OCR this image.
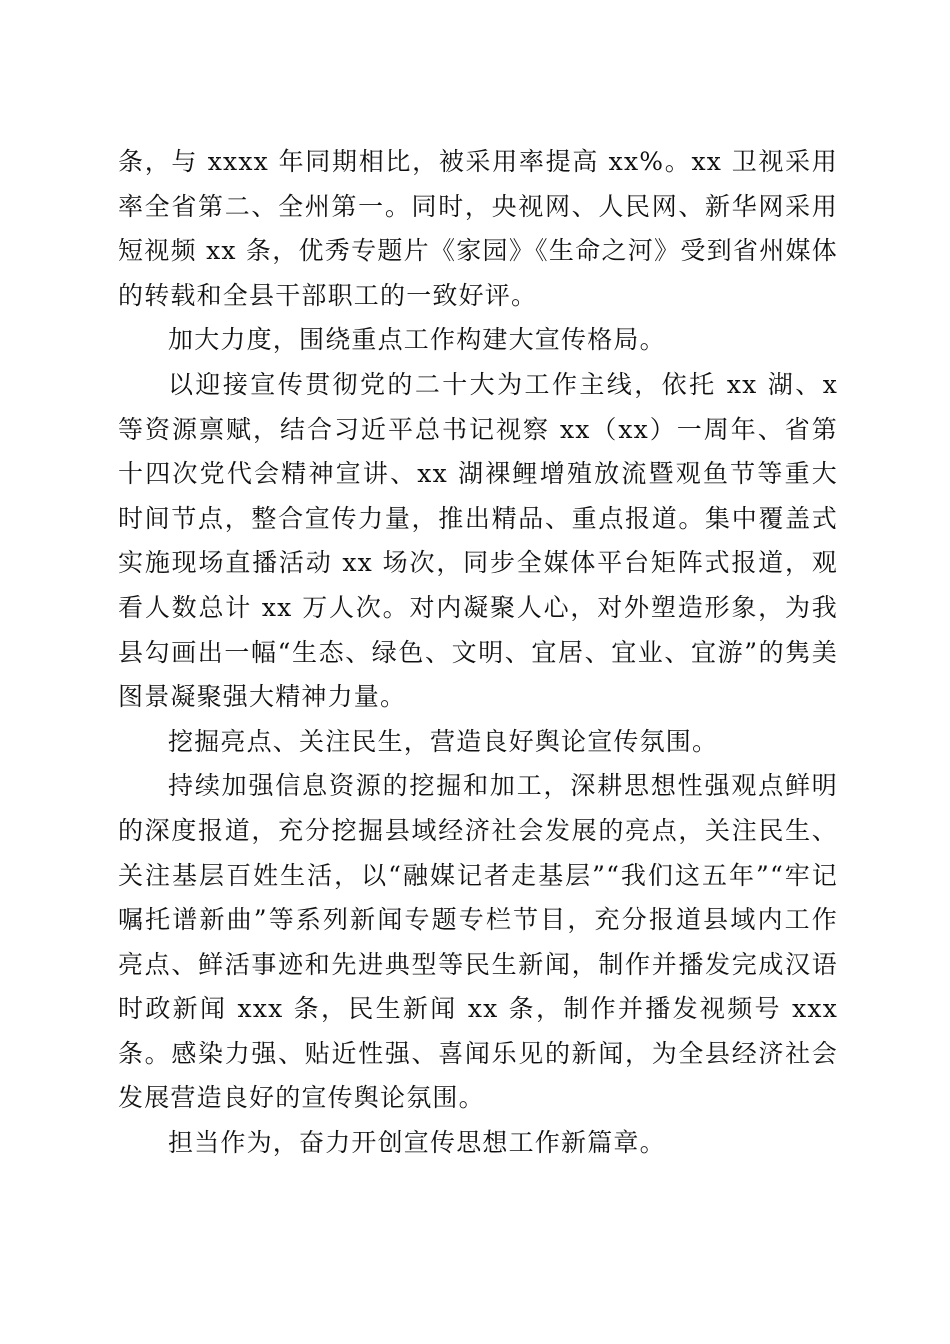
条，与 xxxx 年同期相比，被采用率提高 xx%。xx 卫视采用率全省第二、全州第一。同时，央视网、人民网、新华网采用短视频 xx 条，优秀专题片《家园》《生命之河》受到省州媒体的转载和全县干部职工的一致好评。

加大力度，围绕重点工作构建大宣传格局。

以迎接宣传贯彻党的二十大为工作主线，依托 xx 湖、x 等资源禀赋，结合习近平总书记视察 xx（xx）一周年、省第十四次党代会精神宣讲、xx 湖裸鲤增殖放流暨观鱼节等重大时间节点，整合宣传力量，推出精品、重点报道。集中覆盖式实施现场直播活动 xx 场次，同步全媒体平台矩阵式报道，观看人数总计 xx 万人次。对内凝聚人心，对外塑造形象，为我县勾画出一幅“生态、绿色、文明、宜居、宜业、宜游”的隽美图景凝聚强大精神力量。

挖掘亮点、关注民生，营造良好舆论宣传氛围。

持续加强信息资源的挖掘和加工，深耕思想性强观点鲜明的深度报道，充分挖掘县域经济社会发展的亮点，关注民生、关注基层百姓生活，以“融媒记者走基层”“我们这五年”“牢记嘱托谱新曲”等系列新闻专题专栏节目，充分报道县域内工作亮点、鲜活事迹和先进典型等民生新闻，制作并播发完成汉语时政新闻 xxx 条，民生新闻 xx 条，制作并播发视频号 xxx 条。感染力强、贴近性强、喜闻乐见的新闻，为全县经济社会发展营造良好的宣传舆论氛围。

担当作为，奋力开创宣传思想工作新篇章。
